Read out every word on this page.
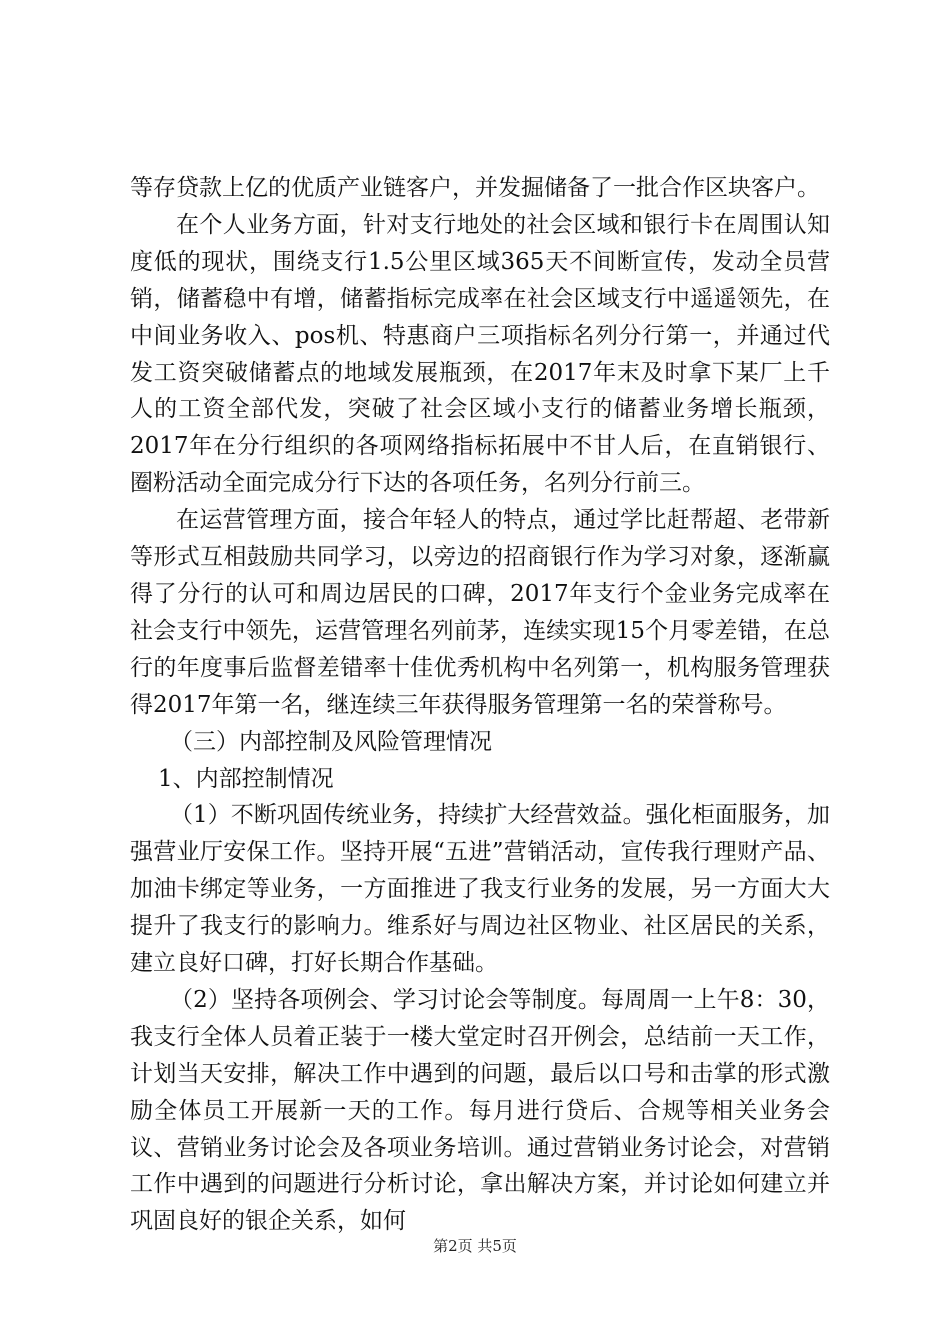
等存贷款上亿的优质产业链客户，并发掘储备了一批合作区块客户。

在个人业务方面，针对支行地处的社会区域和银行卡在周围认知度低的现状，围绕支行1.5公里区域365天不间断宣传，发动全员营销，储蓄稳中有增，储蓄指标完成率在社会区域支行中遥遥领先，在中间业务收入、pos机、特惠商户三项指标名列分行第一，并通过代发工资突破储蓄点的地域发展瓶颈，在2017年末及时拿下某厂上千人的工资全部代发，突破了社会区域小支行的储蓄业务增长瓶颈，2017年在分行组织的各项网络指标拓展中不甘人后，在直销银行、圈粉活动全面完成分行下达的各项任务，名列分行前三。

在运营管理方面，接合年轻人的特点，通过学比赶帮超、老带新等形式互相鼓励共同学习，以旁边的招商银行作为学习对象，逐渐赢得了分行的认可和周边居民的口碑，2017年支行个金业务完成率在社会支行中领先，运营管理名列前茅，连续实现15个月零差错，在总行的年度事后监督差错率十佳优秀机构中名列第一，机构服务管理获得2017年第一名，继连续三年获得服务管理第一名的荣誉称号。

（三）内部控制及风险管理情况

1、内部控制情况

（1）不断巩固传统业务，持续扩大经营效益。强化柜面服务，加强营业厅安保工作。坚持开展“五进”营销活动，宣传我行理财产品、加油卡绑定等业务，一方面推进了我支行业务的发展，另一方面大大提升了我支行的影响力。维系好与周边社区物业、社区居民的关系，建立良好口碑，打好长期合作基础。

（2）坚持各项例会、学习讨论会等制度。每周周一上午8：30，我支行全体人员着正装于一楼大堂定时召开例会，总结前一天工作，计划当天安排，解决工作中遇到的问题，最后以口号和击掌的形式激励全体员工开展新一天的工作。每月进行贷后、合规等相关业务会议、营销业务讨论会及各项业务培训。通过营销业务讨论会，对营销工作中遇到的问题进行分析讨论，拿出解决方案，并讨论如何建立并巩固良好的银企关系，如何

第2页 共5页
